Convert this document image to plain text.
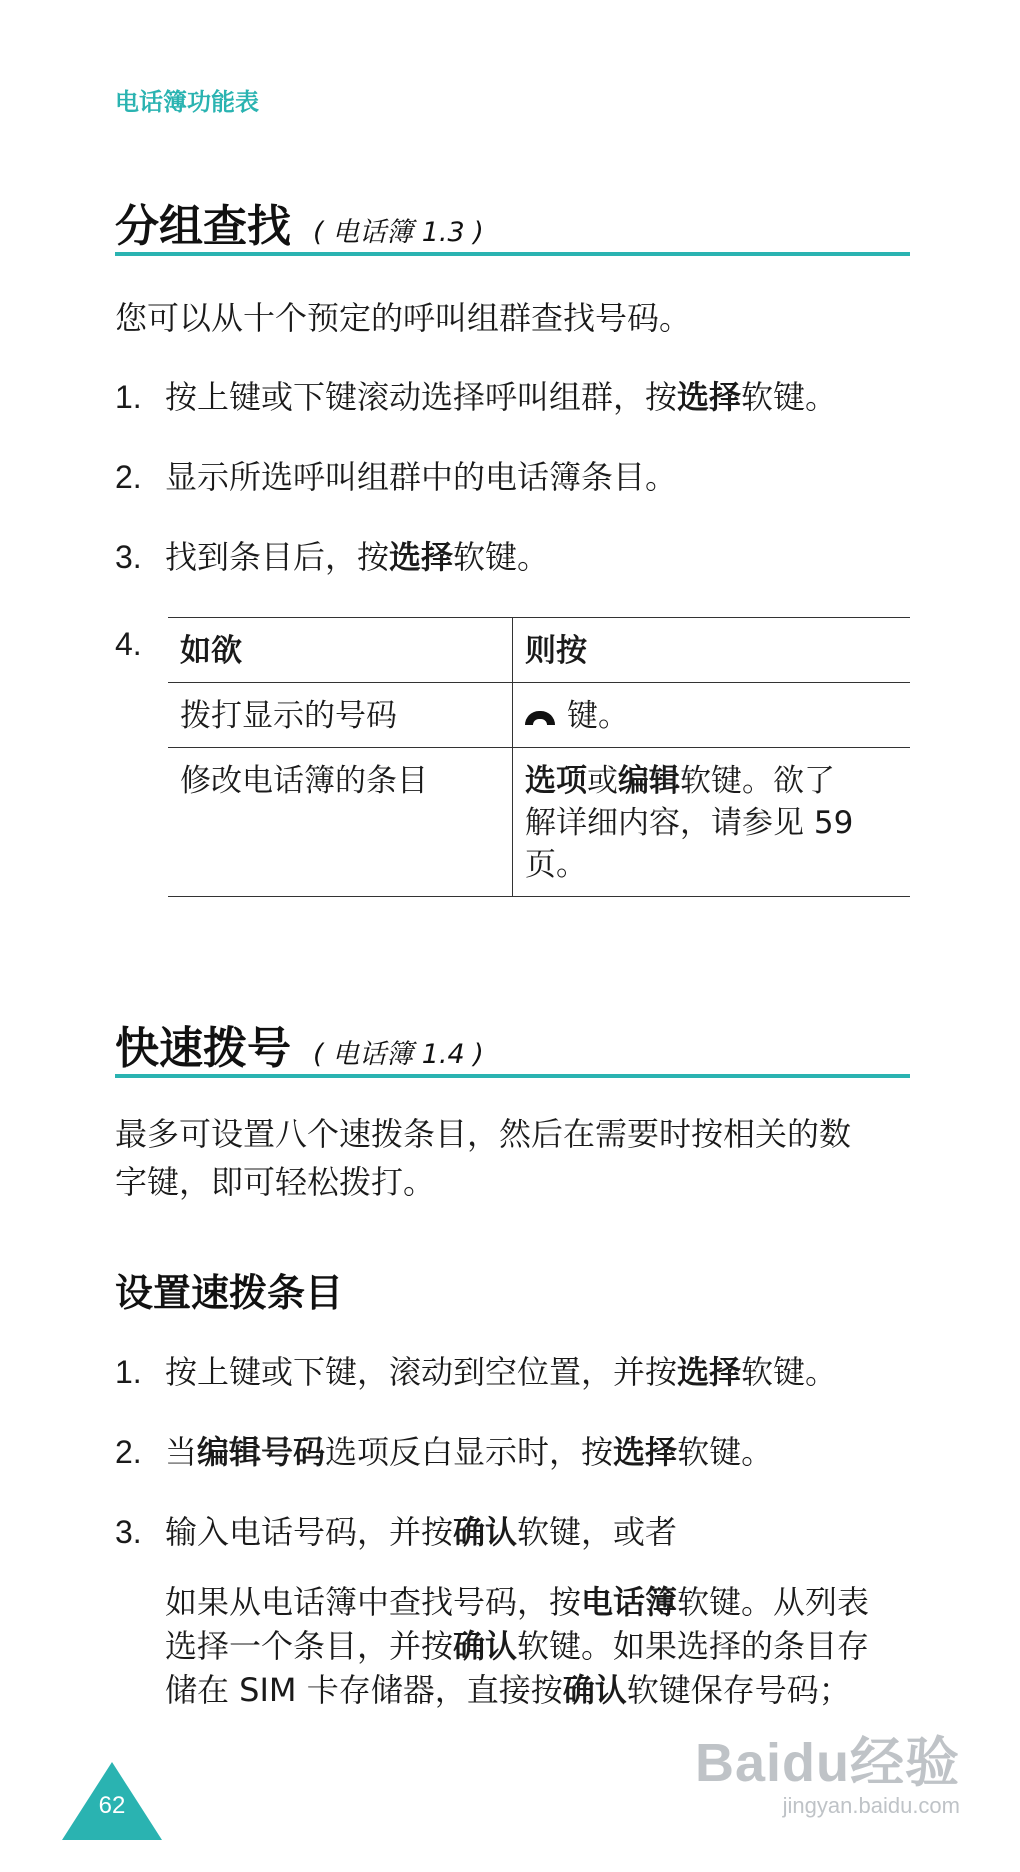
电话簿功能表
分组查找 ( 电话簿 1.3 )
您可以从十个预定的呼叫组群查找号码。
1. 按上键或下键滚动选择呼叫组群，按选择软键。
2. 显示所选呼叫组群中的电话簿条目。
3. 找到条目后，按选择软键。
4.	如欲	则按
拨打显示的号码	键。
修改电话簿的条目	选项或编辑软键。欲了
解详细内容，请参见 59
页。
快速拨号 ( 电话簿 1.4 )
最多可设置八个速拨条目，然后在需要时按相关的数
字键，即可轻松拨打。
设置速拨条目
1. 按上键或下键，滚动到空位置，并按选择软键。
2. 当编辑号码选项反白显示时，按选择软键。
3. 输入电话号码，并按确认软键，或者
如果从电话簿中查找号码，按电话簿软键。从列表
选择一个条目，并按确认软键。如果选择的条目存
储在 SIM 卡存储器，直接按确认软键保存号码；
62
Baidu经验
jingyan.baidu.com
